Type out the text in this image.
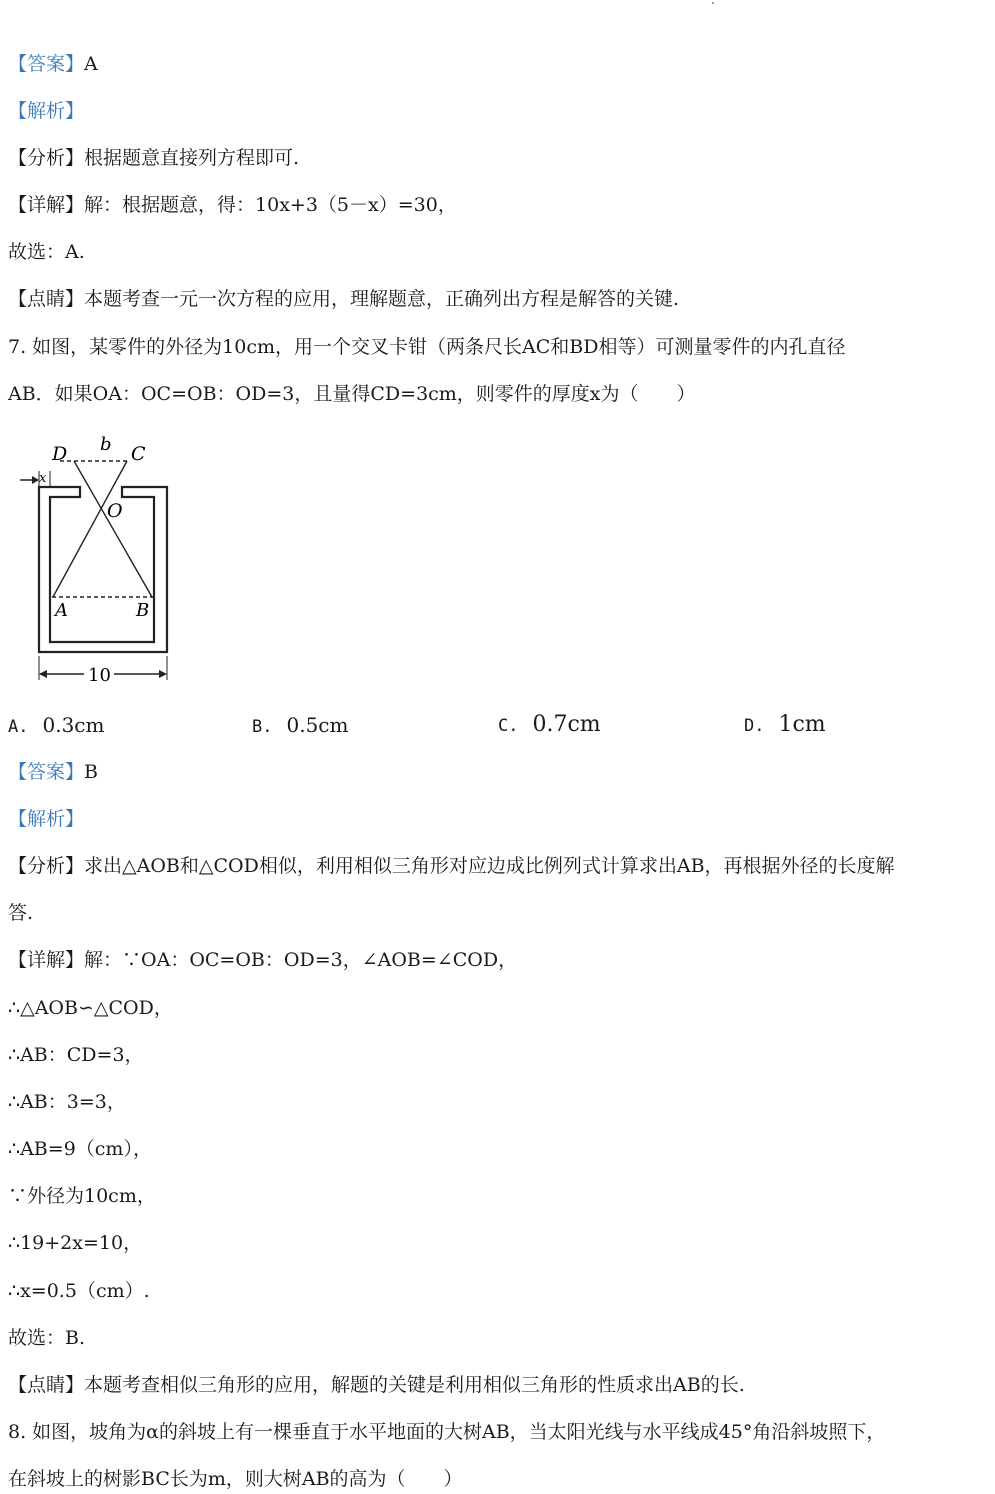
【答案】A
【解析】
【分析】根据题意直接列方程即可.
【详解】解：根据题意，得：10x+3（5－x）=30，
故选：A.
【点睛】本题考查一元一次方程的应用，理解题意，正确列出方程是解答的关键.
7. 如图，某零件的外径为10cm，用一个交叉卡钳（两条尺长AC和BD相等）可测量零件的内孔直径
AB．如果OA：OC=OB：OD=3，且量得CD=3cm，则零件的厚度x为（　　）
D b C
x
O
A	B
10
A. 0.3cm	B. 0.5cm	C. 0.7cm	D. 1cm
【答案】B
【解析】
【分析】求出△AOB和△COD相似，利用相似三角形对应边成比例列式计算求出AB，再根据外径的长度解
答.
【详解】解：∵OA：OC=OB：OD=3，∠AOB=∠COD，
∴△AOB∽△COD，
∴AB：CD=3，
∴AB：3=3，
∴AB=9（cm），
∵外径为10cm，
∴19+2x=10，
∴x=0.5（cm）.
故选：B.
【点睛】本题考查相似三角形的应用，解题的关键是利用相似三角形的性质求出AB的长.
8. 如图，坡角为α的斜坡上有一棵垂直于水平地面的大树AB，当太阳光线与水平线成45°角沿斜坡照下，
在斜坡上的树影BC长为m，则大树AB的高为（　　）
